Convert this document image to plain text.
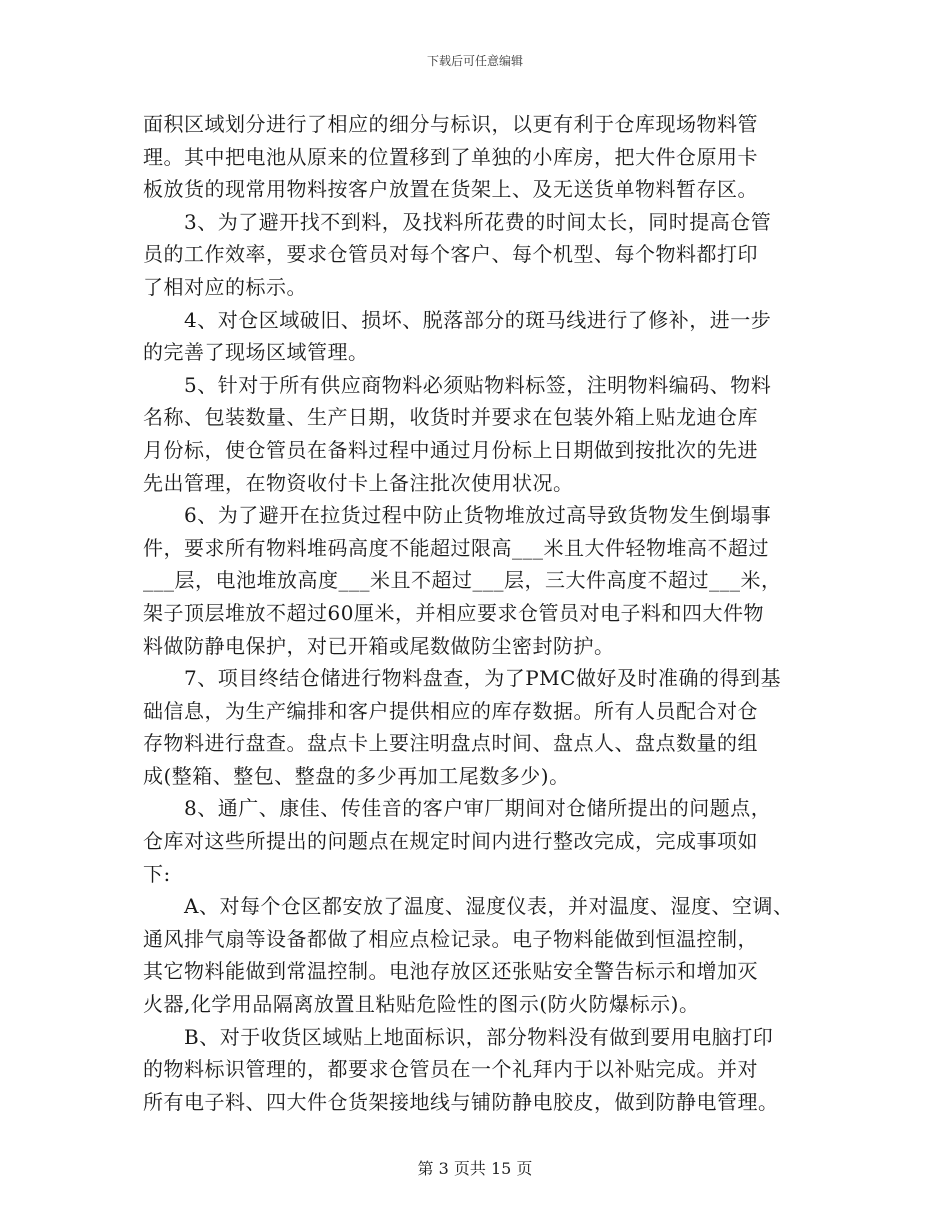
下载后可任意编辑

面积区域划分进行了相应的细分与标识，以更有利于仓库现场物料管

理。其中把电池从原来的位置移到了单独的小库房，把大件仓原用卡

板放货的现常用物料按客户放置在货架上、及无送货单物料暂存区。

　　3、为了避开找不到料，及找料所花费的时间太长，同时提高仓管

员的工作效率，要求仓管员对每个客户、每个机型、每个物料都打印

了相对应的标示。

　　4、对仓区域破旧、损坏、脱落部分的斑马线进行了修补，进一步

的完善了现场区域管理。

　　5、针对于所有供应商物料必须贴物料标签，注明物料编码、物料

名称、包装数量、生产日期，收货时并要求在包装外箱上贴龙迪仓库

月份标，使仓管员在备料过程中通过月份标上日期做到按批次的先进

先出管理，在物资收付卡上备注批次使用状况。

　　6、为了避开在拉货过程中防止货物堆放过高导致货物发生倒塌事

件，要求所有物料堆码高度不能超过限高___米且大件轻物堆高不超过

___层，电池堆放高度___米且不超过___层，三大件高度不超过___米，

架子顶层堆放不超过60厘米，并相应要求仓管员对电子料和四大件物

料做防静电保护，对已开箱或尾数做防尘密封防护。

　　7、项目终结仓储进行物料盘查，为了PMC做好及时准确的得到基

础信息，为生产编排和客户提供相应的库存数据。所有人员配合对仓

存物料进行盘查。盘点卡上要注明盘点时间、盘点人、盘点数量的组

成(整箱、整包、整盘的多少再加工尾数多少)。

　　8、通广、康佳、传佳音的客户审厂期间对仓储所提出的问题点，

仓库对这些所提出的问题点在规定时间内进行整改完成，完成事项如

下:

　　A、对每个仓区都安放了温度、湿度仪表，并对温度、湿度、空调、

通风排气扇等设备都做了相应点检记录。电子物料能做到恒温控制，

其它物料能做到常温控制。电池存放区还张贴安全警告标示和增加灭

火器,化学用品隔离放置且粘贴危险性的图示(防火防爆标示)。

　　B、对于收货区域贴上地面标识，部分物料没有做到要用电脑打印

的物料标识管理的，都要求仓管员在一个礼拜内于以补贴完成。并对

所有电子料、四大件仓货架接地线与铺防静电胶皮，做到防静电管理。

第 3 页共 15 页
